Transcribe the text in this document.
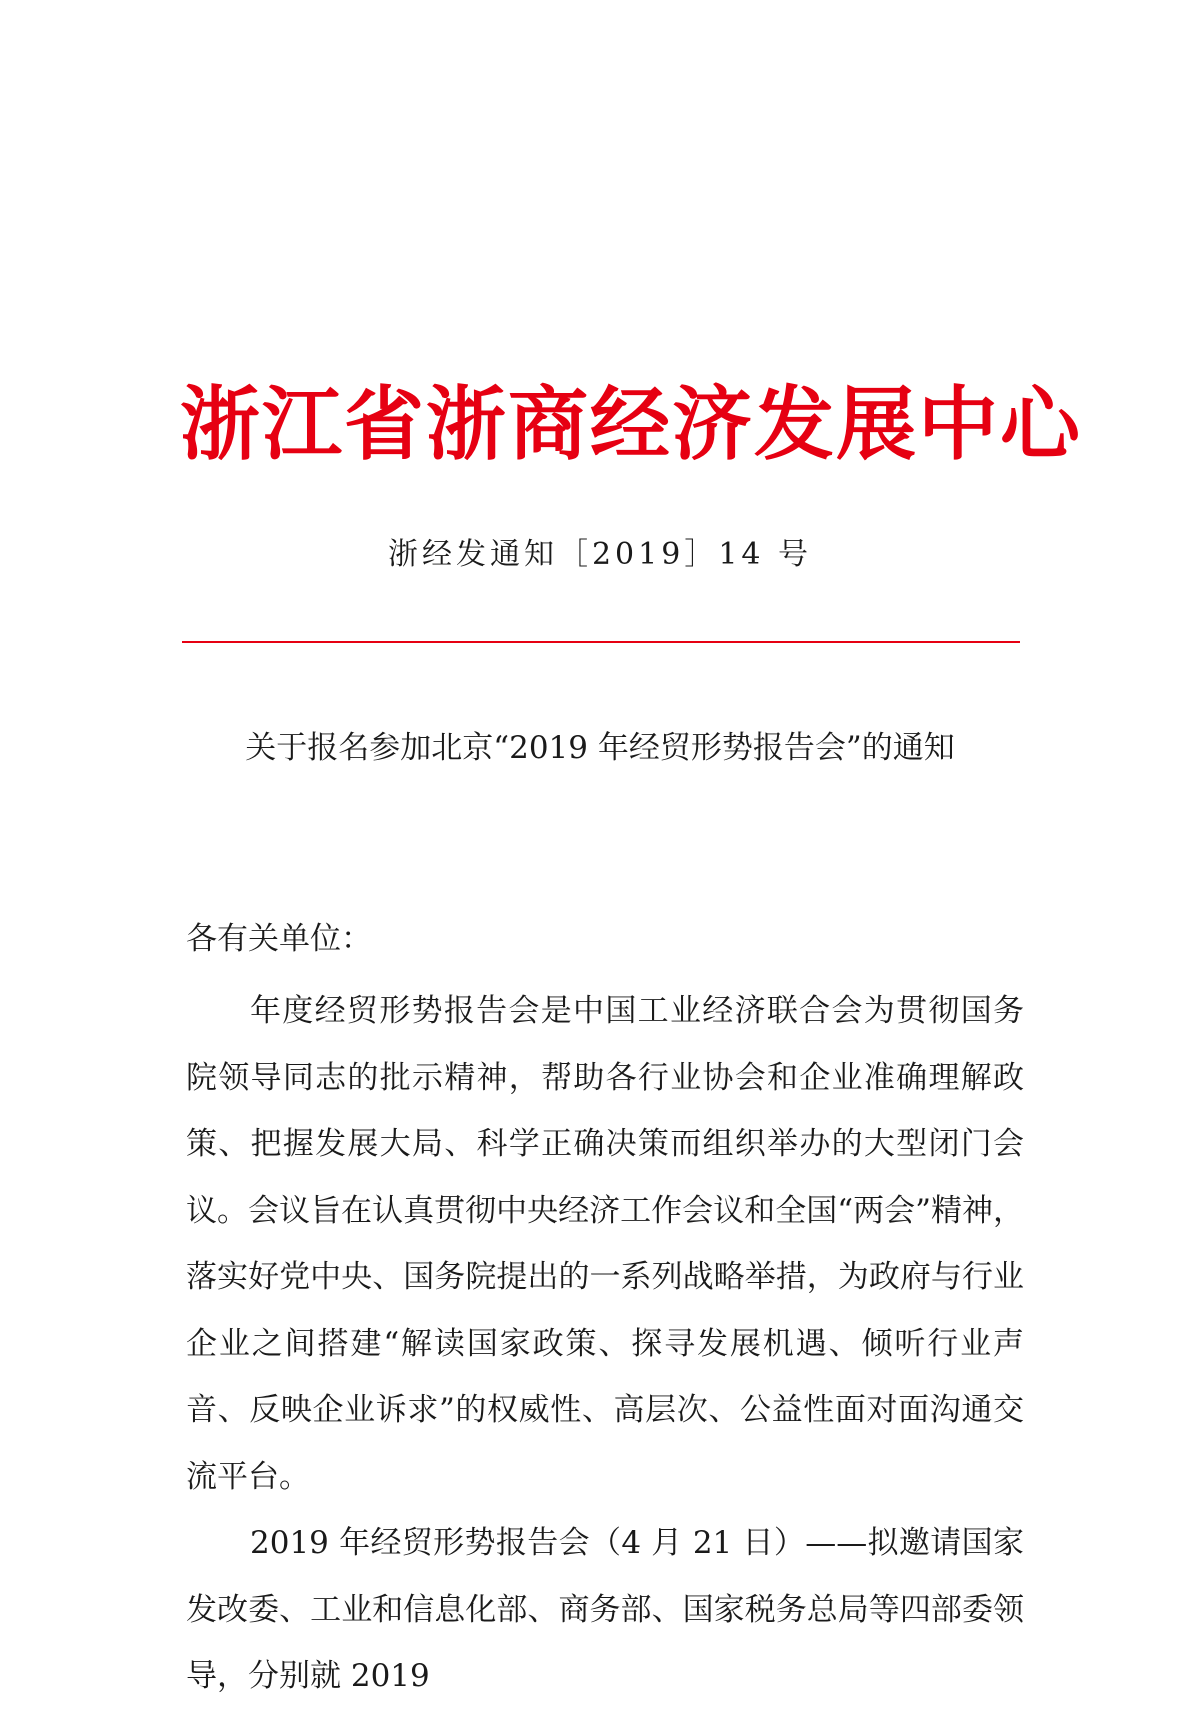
浙江省浙商经济发展中心
浙经发通知［2019］14 号
关于报名参加北京“2019 年经贸形势报告会”的通知
各有关单位：

年度经贸形势报告会是中国工业经济联合会为贯彻国务院领导同志的批示精神，帮助各行业协会和企业准确理解政策、把握发展大局、科学正确决策而组织举办的大型闭门会议。会议旨在认真贯彻中央经济工作会议和全国“两会”精神，落实好党中央、国务院提出的一系列战略举措，为政府与行业企业之间搭建“解读国家政策、探寻发展机遇、倾听行业声音、反映企业诉求”的权威性、高层次、公益性面对面沟通交流平台。

2019 年经贸形势报告会（4 月 21 日）——拟邀请国家发改委、工业和信息化部、商务部、国家税务总局等四部委领导，分别就 2019
